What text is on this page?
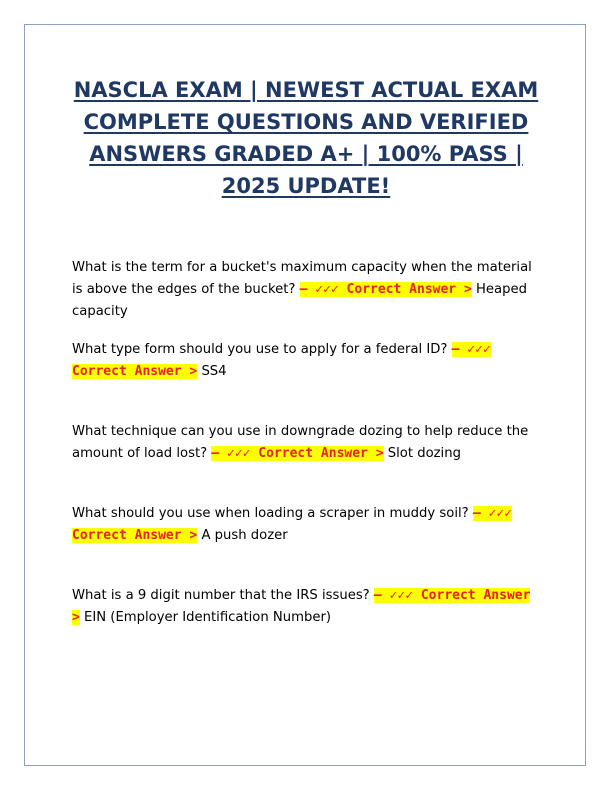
NASCLA EXAM | NEWEST ACTUAL EXAM COMPLETE QUESTIONS AND VERIFIED ANSWERS GRADED A+ | 100% PASS | 2025 UPDATE!

What is the term for a bucket's maximum capacity when the material is above the edges of the bucket? – ✓✓✓ Correct Answer > Heaped capacity

What type form should you use to apply for a federal ID? – ✓✓✓ Correct Answer > SS4

What technique can you use in downgrade dozing to help reduce the amount of load lost? – ✓✓✓ Correct Answer > Slot dozing

What should you use when loading a scraper in muddy soil? – ✓✓✓ Correct Answer > A push dozer

What is a 9 digit number that the IRS issues? – ✓✓✓ Correct Answer > EIN (Employer Identification Number)
